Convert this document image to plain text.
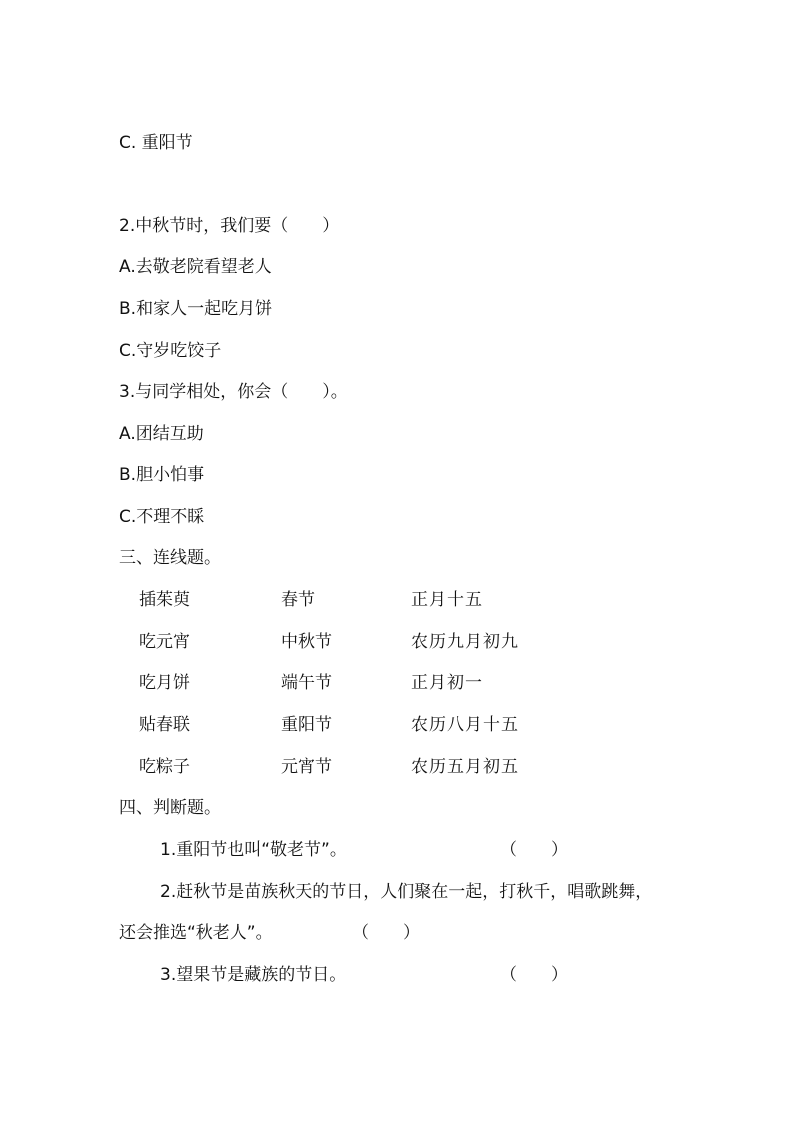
C. 重阳节
2.中秋节时，我们要（　　）
A.去敬老院看望老人
B.和家人一起吃月饼
C.守岁吃饺子
3.与同学相处，你会（　　）。
A.团结互助
B.胆小怕事
C.不理不睬
三、连线题。
插茱萸	春节	正月十五
吃元宵	中秋节	农历九月初九
吃月饼	端午节	正月初一
贴春联	重阳节	农历八月十五
吃粽子	元宵节	农历五月初五
四、判断题。
1.重阳节也叫“敬老节”。	（　　）
2.赶秋节是苗族秋天的节日，人们聚在一起，打秋千，唱歌跳舞，
还会推选“秋老人”。	（　　）
3.望果节是藏族的节日。	（　　）
